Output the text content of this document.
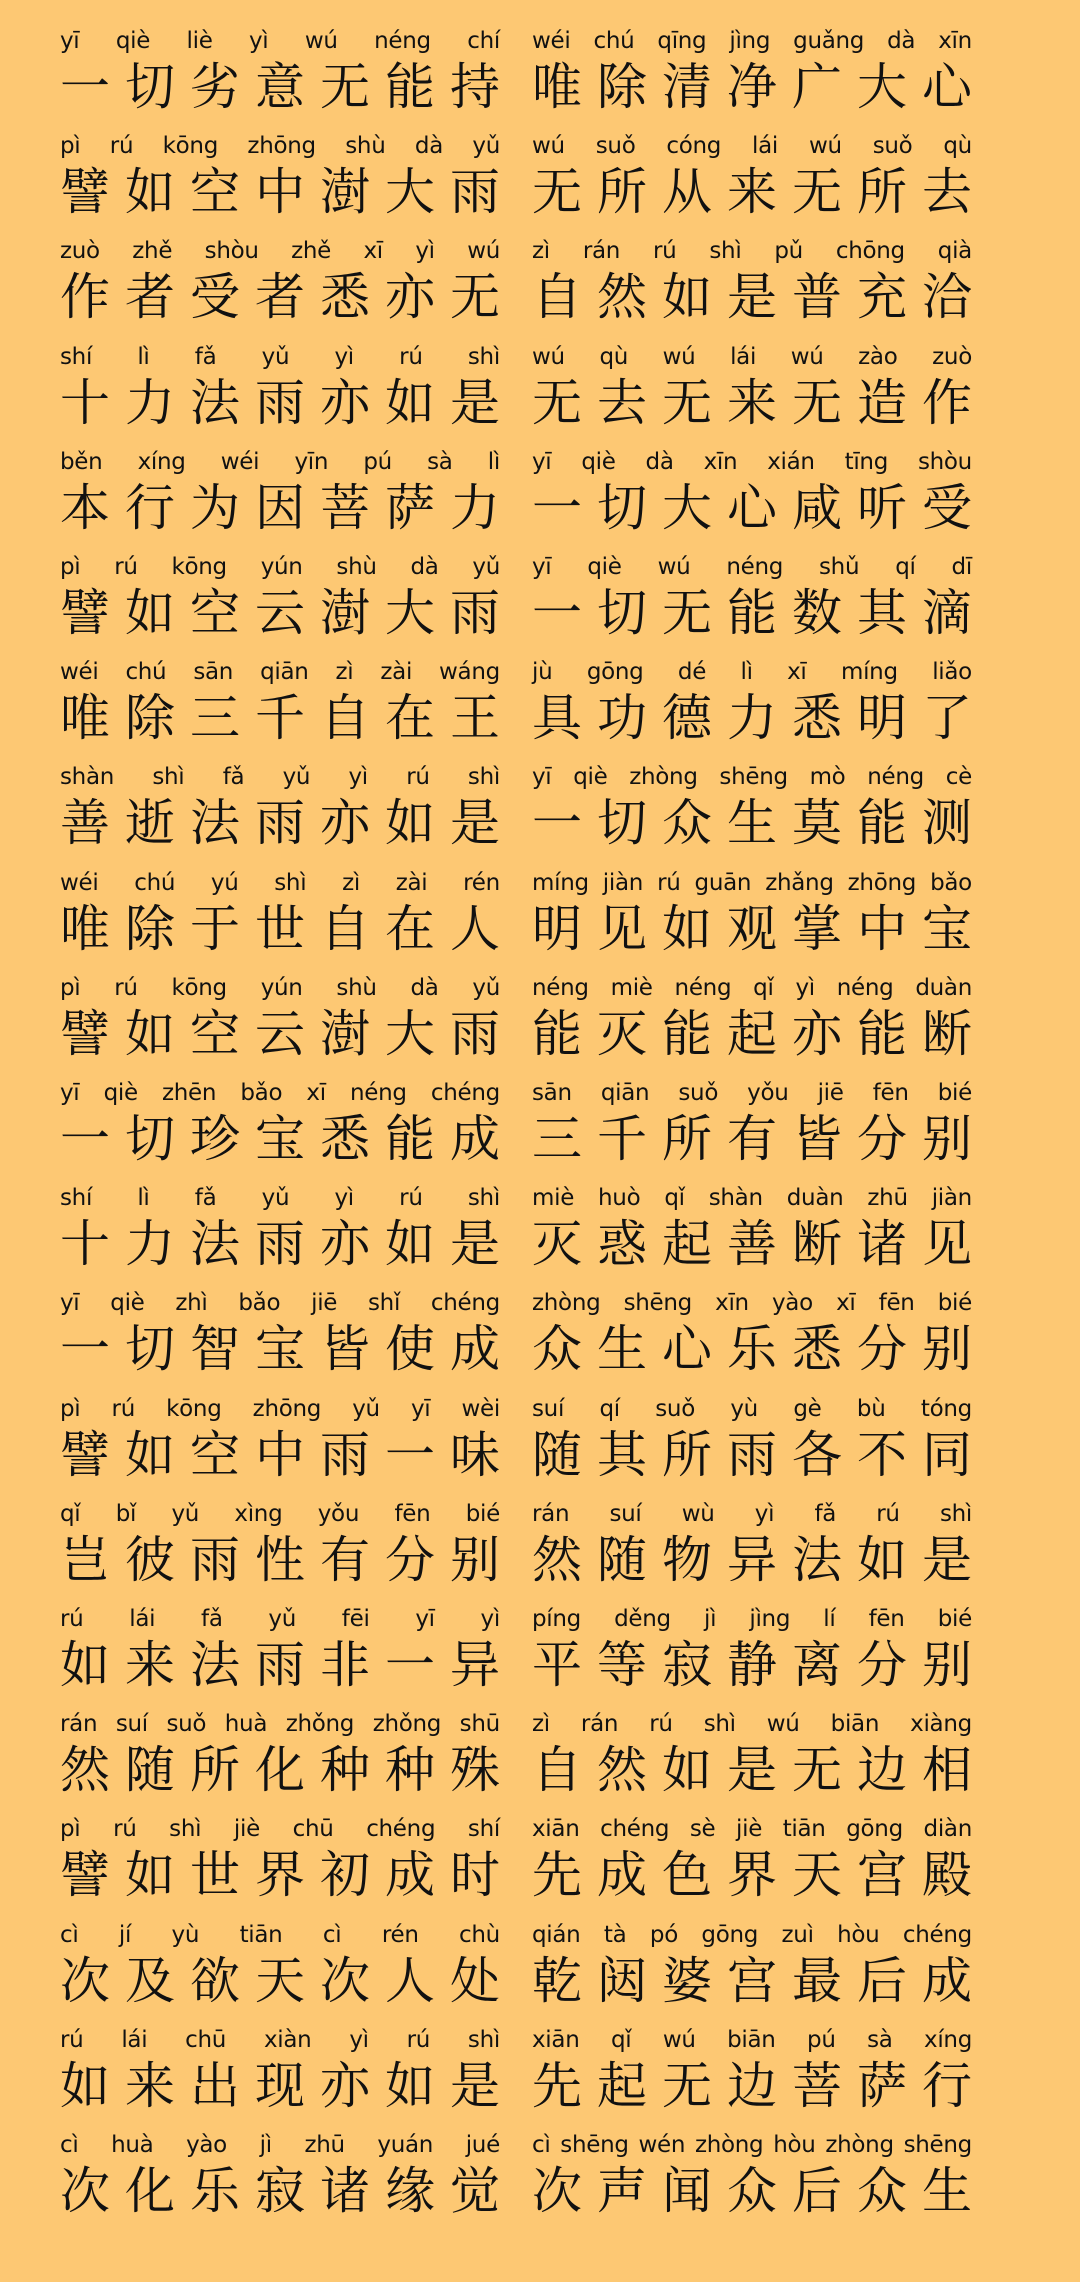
yī qiè liè yì wú néng chí
一 切 劣 意 无 能 持
wéi chú qīng jìng guǎng dà xīn
唯 除 清 净 广 大 心
pì rú kōng zhōng shù dà yǔ
譬 如 空 中 澍 大 雨
wú suǒ cóng lái wú suǒ qù
无 所 从 来 无 所 去
zuò zhě shòu zhě xī yì wú
作 者 受 者 悉 亦 无
zì rán rú shì pǔ chōng qià
自 然 如 是 普 充 洽
shí lì fǎ yǔ yì rú shì
十 力 法 雨 亦 如 是
wú qù wú lái wú zào zuò
无 去 无 来 无 造 作
běn xíng wéi yīn pú sà lì
本 行 为 因 菩 萨 力
yī qiè dà xīn xián tīng shòu
一 切 大 心 咸 听 受
pì rú kōng yún shù dà yǔ
譬 如 空 云 澍 大 雨
yī qiè wú néng shǔ qí dī
一 切 无 能 数 其 滴
wéi chú sān qiān zì zài wáng
唯 除 三 千 自 在 王
jù gōng dé lì xī míng liǎo
具 功 德 力 悉 明 了
shàn shì fǎ yǔ yì rú shì
善 逝 法 雨 亦 如 是
yī qiè zhòng shēng mò néng cè
一 切 众 生 莫 能 测
wéi chú yú shì zì zài rén
唯 除 于 世 自 在 人
míng jiàn rú guān zhǎng zhōng bǎo
明 见 如 观 掌 中 宝
pì rú kōng yún shù dà yǔ
譬 如 空 云 澍 大 雨
néng miè néng qǐ yì néng duàn
能 灭 能 起 亦 能 断
yī qiè zhēn bǎo xī néng chéng
一 切 珍 宝 悉 能 成
sān qiān suǒ yǒu jiē fēn bié
三 千 所 有 皆 分 别
shí lì fǎ yǔ yì rú shì
十 力 法 雨 亦 如 是
miè huò qǐ shàn duàn zhū jiàn
灭 惑 起 善 断 诸 见
yī qiè zhì bǎo jiē shǐ chéng
一 切 智 宝 皆 使 成
zhòng shēng xīn yào xī fēn bié
众 生 心 乐 悉 分 别
pì rú kōng zhōng yǔ yī wèi
譬 如 空 中 雨 一 味
suí qí suǒ yù gè bù tóng
随 其 所 雨 各 不 同
qǐ bǐ yǔ xìng yǒu fēn bié
岂 彼 雨 性 有 分 别
rán suí wù yì fǎ rú shì
然 随 物 异 法 如 是
rú lái fǎ yǔ fēi yī yì
如 来 法 雨 非 一 异
píng děng jì jìng lí fēn bié
平 等 寂 静 离 分 别
rán suí suǒ huà zhǒng zhǒng shū
然 随 所 化 种 种 殊
zì rán rú shì wú biān xiàng
自 然 如 是 无 边 相
pì rú shì jiè chū chéng shí
譬 如 世 界 初 成 时
xiān chéng sè jiè tiān gōng diàn
先 成 色 界 天 宫 殿
cì jí yù tiān cì rén chù
次 及 欲 天 次 人 处
qián tà pó gōng zuì hòu chéng
乾 闼 婆 宫 最 后 成
rú lái chū xiàn yì rú shì
如 来 出 现 亦 如 是
xiān qǐ wú biān pú sà xíng
先 起 无 边 菩 萨 行
cì huà yào jì zhū yuán jué
次 化 乐 寂 诸 缘 觉
cì shēng wén zhòng hòu zhòng shēng
次 声 闻 众 后 众 生
